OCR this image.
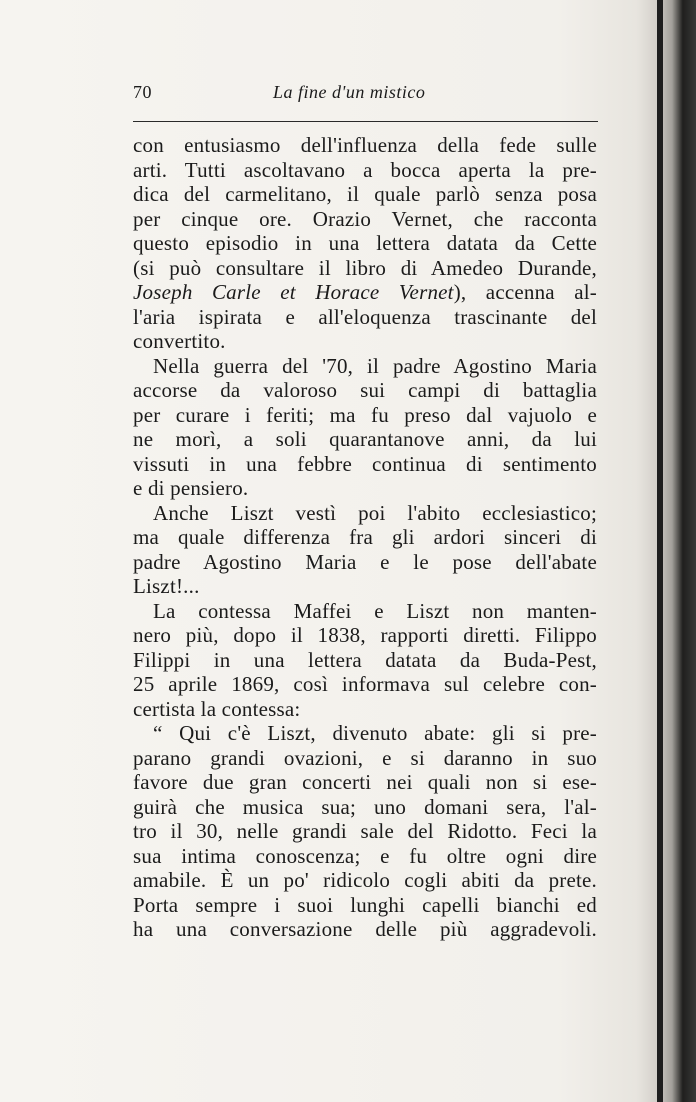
70	La fine d'un mistico
con entusiasmo dell'influenza della fede sulle
arti. Tutti ascoltavano a bocca aperta la pre-
dica del carmelitano, il quale parlò senza posa
per cinque ore. Orazio Vernet, che racconta
questo episodio in una lettera datata da Cette
(si può consultare il libro di Amedeo Durande,
Joseph Carle et Horace Vernet), accenna al-
l'aria ispirata e all'eloquenza trascinante del
convertito.
Nella guerra del '70, il padre Agostino Maria
accorse da valoroso sui campi di battaglia
per curare i feriti; ma fu preso dal vajuolo e
ne morì, a soli quarantanove anni, da lui
vissuti in una febbre continua di sentimento
e di pensiero.
Anche Liszt vestì poi l'abito ecclesiastico;
ma quale differenza fra gli ardori sinceri di
padre Agostino Maria e le pose dell'abate
Liszt!...
La contessa Maffei e Liszt non manten-
nero più, dopo il 1838, rapporti diretti. Filippo
Filippi in una lettera datata da Buda-Pest,
25 aprile 1869, così informava sul celebre con-
certista la contessa:
“ Qui c'è Liszt, divenuto abate: gli si pre-
parano grandi ovazioni, e si daranno in suo
favore due gran concerti nei quali non si ese-
guirà che musica sua; uno domani sera, l'al-
tro il 30, nelle grandi sale del Ridotto. Feci la
sua intima conoscenza; e fu oltre ogni dire
amabile. È un po' ridicolo cogli abiti da prete.
Porta sempre i suoi lunghi capelli bianchi ed
ha una conversazione delle più aggradevoli.
